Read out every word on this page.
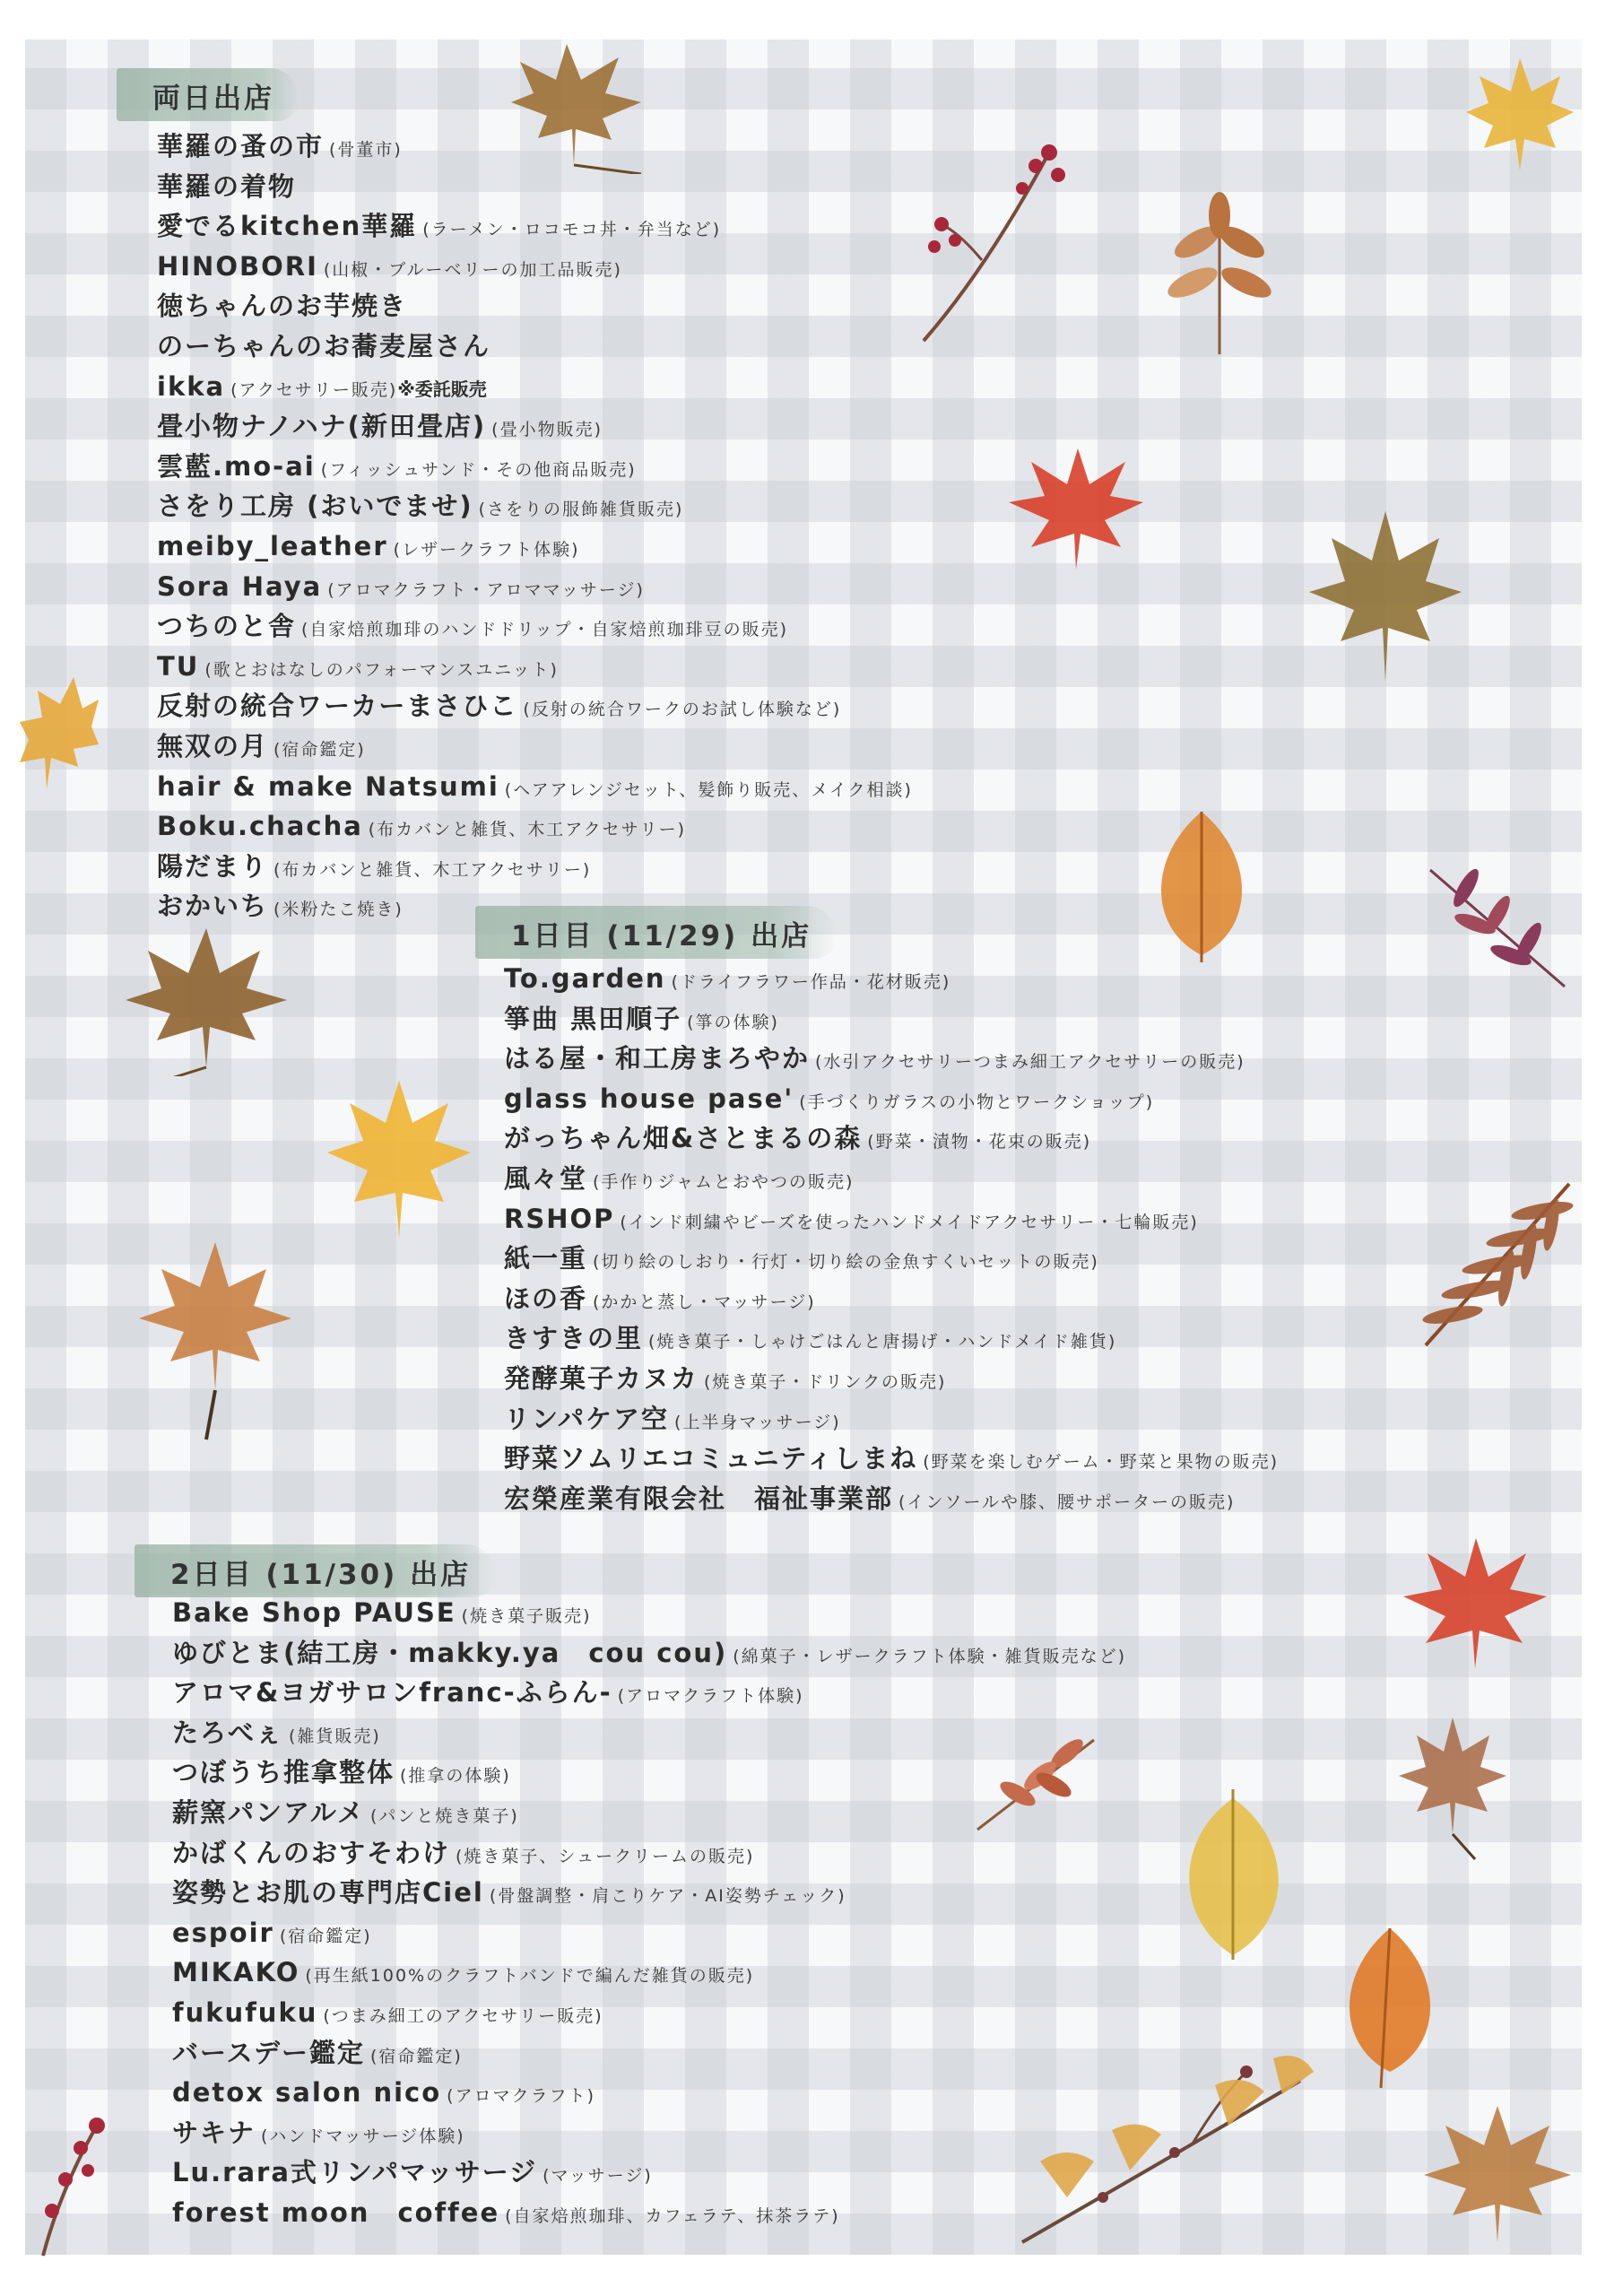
両日出店
1日目 (11/29) 出店
2日目 (11/30) 出店
華羅の蚤の市 (骨董市)
華羅の着物
愛でるkitchen華羅 (ラーメン・ロコモコ丼・弁当など)
HINOBORI (山椒・ブルーベリーの加工品販売)
徳ちゃんのお芋焼き
のーちゃんのお蕎麦屋さん
ikka (アクセサリー販売)※委託販売
畳小物ナノハナ(新田畳店) (畳小物販売)
雲藍.mo-ai (フィッシュサンド・その他商品販売)
さをり工房 (おいでませ) (さをりの服飾雑貨販売)
meiby_leather (レザークラフト体験)
Sora Haya (アロマクラフト・アロママッサージ)
つちのと舎 (自家焙煎珈琲のハンドドリップ・自家焙煎珈琲豆の販売)
TU (歌とおはなしのパフォーマンスユニット)
反射の統合ワーカーまさひこ (反射の統合ワークのお試し体験など)
無双の月 (宿命鑑定)
hair & make Natsumi (ヘアアレンジセット、髪飾り販売、メイク相談)
Boku.chacha (布カバンと雑貨、木工アクセサリー)
陽だまり (布カバンと雑貨、木工アクセサリー)
おかいち (米粉たこ焼き)
To.garden (ドライフラワー作品・花材販売)
箏曲 黒田順子 (箏の体験)
はる屋・和工房まろやか (水引アクセサリーつまみ細工アクセサリーの販売)
glass house pase' (手づくりガラスの小物とワークショップ)
がっちゃん畑&さとまるの森 (野菜・漬物・花束の販売)
風々堂 (手作りジャムとおやつの販売)
RSHOP (インド刺繍やビーズを使ったハンドメイドアクセサリー・七輪販売)
紙一重 (切り絵のしおり・行灯・切り絵の金魚すくいセットの販売)
ほの香 (かかと蒸し・マッサージ)
きすきの里 (焼き菓子・しゃけごはんと唐揚げ・ハンドメイド雑貨)
発酵菓子カヌカ (焼き菓子・ドリンクの販売)
リンパケア空 (上半身マッサージ)
野菜ソムリエコミュニティしまね (野菜を楽しむゲーム・野菜と果物の販売)
宏榮産業有限会社　福祉事業部 (インソールや膝、腰サポーターの販売)
Bake Shop PAUSE (焼き菓子販売)
ゆびとま(結工房・makky.ya　cou cou) (綿菓子・レザークラフト体験・雑貨販売など)
アロマ&ヨガサロンfranc-ふらん- (アロマクラフト体験)
たろべぇ (雑貨販売)
つぼうち推拿整体 (推拿の体験)
薪窯パンアルメ (パンと焼き菓子)
かばくんのおすそわけ (焼き菓子、シュークリームの販売)
姿勢とお肌の専門店Ciel (骨盤調整・肩こりケア・AI姿勢チェック)
espoir (宿命鑑定)
MIKAKO (再生紙100%のクラフトバンドで編んだ雑貨の販売)
fukufuku (つまみ細工のアクセサリー販売)
バースデー鑑定 (宿命鑑定)
detox salon nico (アロマクラフト)
サキナ (ハンドマッサージ体験)
Lu.rara式リンパマッサージ (マッサージ)
forest moon　coffee (自家焙煎珈琲、カフェラテ、抹茶ラテ)
